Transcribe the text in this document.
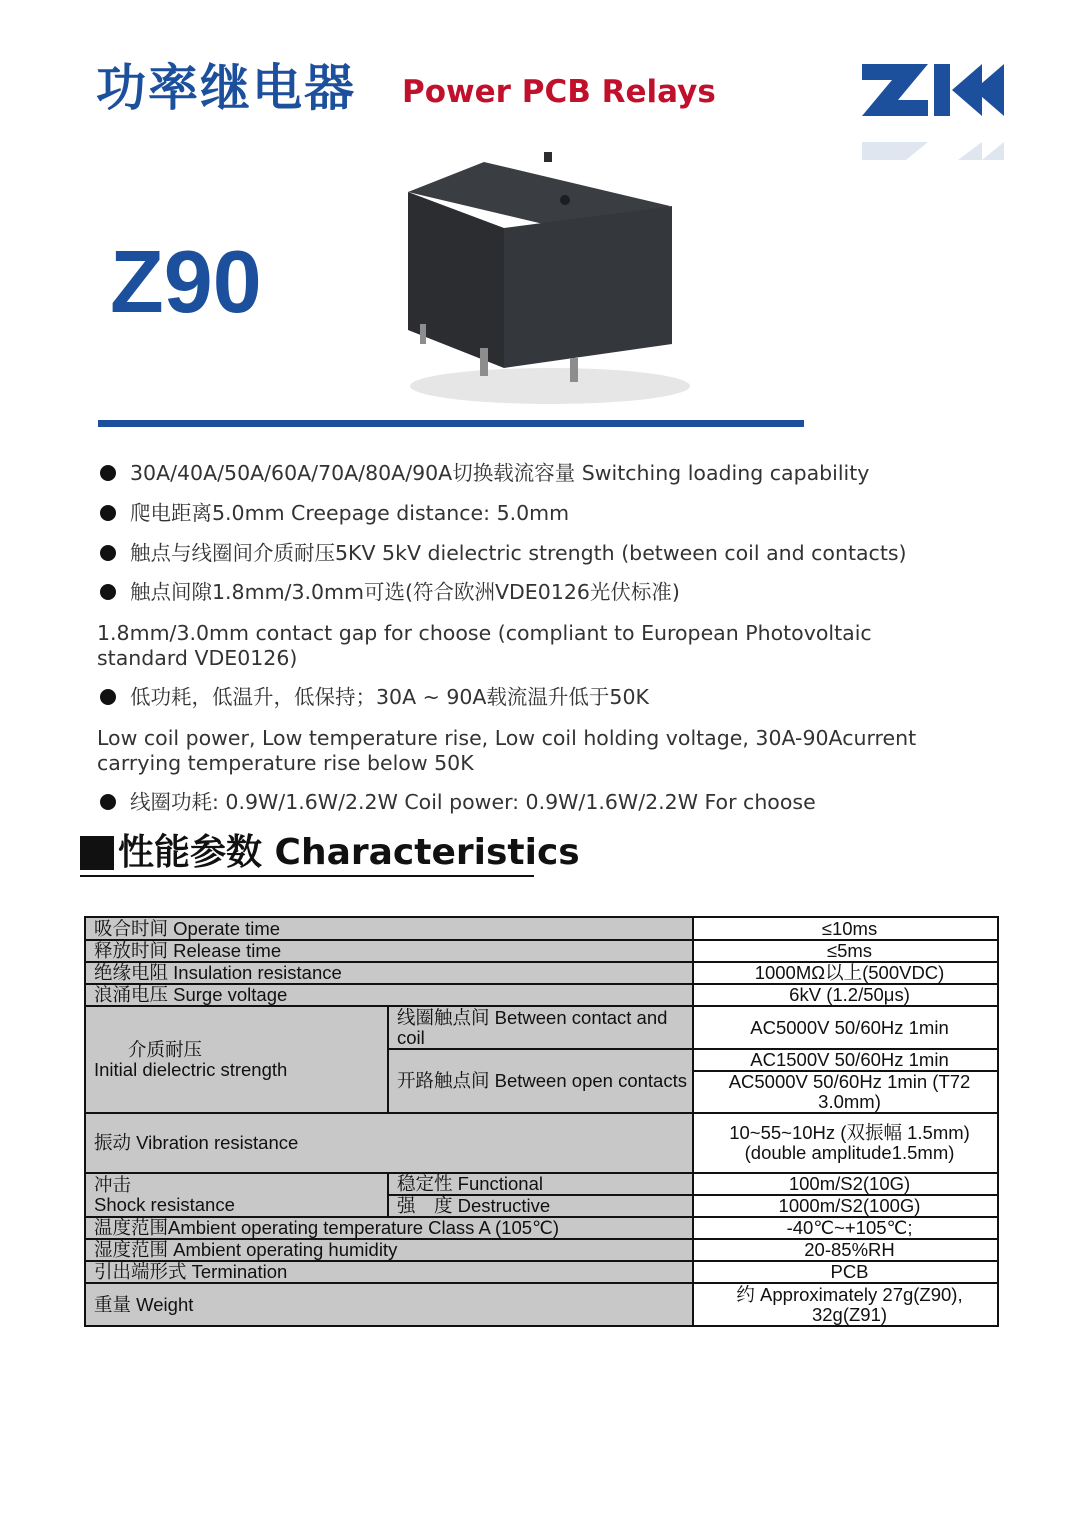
功率继电器 Power PCB Relays
Z90
30A/40A/50A/60A/70A/80A/90A切换载流容量 Switching loading capability
爬电距离5.0mm Creepage distance: 5.0mm
触点与线圈间介质耐压5KV 5kV dielectric strength (between coil and contacts)
触点间隙1.8mm/3.0mm可选(符合欧洲VDE0126光伏标准)
1.8mm/3.0mm contact gap for choose (compliant to European Photovoltaic standard VDE0126)
低功耗，低温升，低保持；30A ~ 90A载流温升低于50K
Low coil power, Low temperature rise, Low coil holding voltage, 30A-90Acurrent carrying temperature rise below 50K
线圈功耗: 0.9W/1.6W/2.2W Coil power: 0.9W/1.6W/2.2W For choose
性能参数 Characteristics
吸合时间 Operate time		≤10ms
释放时间 Release time		≤5ms
绝缘电阻 Insulation resistance		1000MΩ以上(500VDC)
浪涌电压 Surge voltage		6kV (1.2/50μs)

介质耐压
Initial dielectric strength	线圈触点间 Between contact and coil	AC5000V 50/60Hz 1min
	开路触点间 Between open contacts	AC1500V 50/60Hz 1min
		AC5000V 50/60Hz 1min (T72 3.0mm)
振动 Vibration resistance		10~55~10Hz (双振幅 1.5mm)(double amplitude1.5mm)

冲击
Shock resistance	稳定性 Functional	100m/S2(10G)
	强　度 Destructive	1000m/S2(100G)
温度范围Ambient operating temperature Class A (105℃)		-40℃~+105℃;
湿度范围 Ambient operating humidity		20-85%RH
引出端形式 Termination		PCB
重量 Weight		约 Approximately 27g(Z90), 32g(Z91)
